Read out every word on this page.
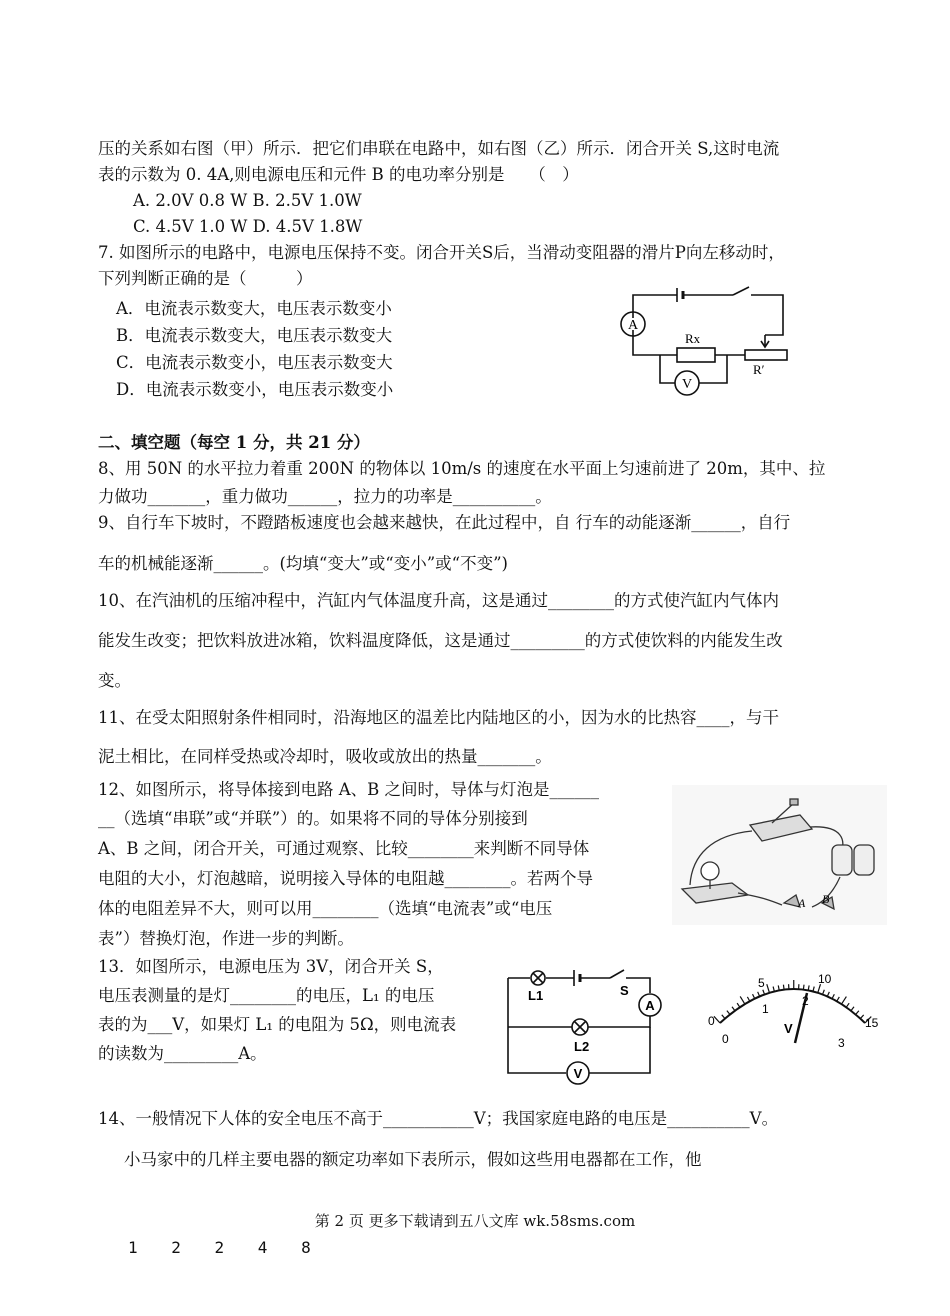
压的关系如右图（甲）所示．把它们串联在电路中，如右图（乙）所示．闭合开关 S,这时电流
表的示数为 0. 4A,则电源电压和元件 B 的电功率分别是　　（　）
A. 2.0V 0.8 W B. 2.5V 1.0W
C. 4.5V 1.0 W D. 4.5V 1.8W
7. 如图所示的电路中，电源电压保持不变。闭合开关S后，当滑动变阻器的滑片P向左移动时，
下列判断正确的是（　　　）
A．电流表示数变大，电压表示数变小
B．电流表示数变大，电压表示数变大
C．电流表示数变小，电压表示数变大
D．电流表示数变小，电压表示数变小
二、填空题（每空 1 分，共 21 分）
8、用 50N 的水平拉力着重 200N 的物体以 10m/s 的速度在水平面上匀速前进了 20m，其中、拉
力做功_______，重力做功______，拉力的功率是__________。
9、自行车下坡时，不蹬踏板速度也会越来越快，在此过程中，自 行车的动能逐渐______，自行
车的机械能逐渐______。(均填“变大”或“变小”或“不变”)
10、在汽油机的压缩冲程中，汽缸内气体温度升高，这是通过________的方式使汽缸内气体内
能发生改变；把饮料放进冰箱，饮料温度降低，这是通过_________的方式使饮料的内能发生改
变。
11、在受太阳照射条件相同时，沿海地区的温差比内陆地区的小，因为水的比热容____，与干
泥土相比，在同样受热或冷却时，吸收或放出的热量_______。
12、如图所示，将导体接到电路 A、B 之间时，导体与灯泡是______
__（选填“串联”或“并联”）的。如果将不同的导体分别接到
A、B 之间，闭合开关，可通过观察、比较________来判断不同导体
电阻的大小，灯泡越暗，说明接入导体的电阻越________。若两个导
体的电阻差异不大，则可以用________（选填“电流表”或“电压
表”）替换灯泡，作进一步的判断。
13．如图所示，电源电压为 3V，闭合开关 S，
电压表测量的是灯________的电压，L₁ 的电压
表的为___V，如果灯 L₁ 的电阻为 5Ω，则电流表
的读数为_________A。
14、一般情况下人体的安全电压不高于___________V；我国家庭电路的电压是__________V。
小马家中的几样主要电器的额定功率如下表所示，假如这些用电器都在工作，他
A
V
Rx
R′
A B
L1
L2
S
A
V
0
5	10
15
0
1
2
3
V
第 2 页 更多下载请到五八文库 wk.58sms.com
1 2 2 4 8
